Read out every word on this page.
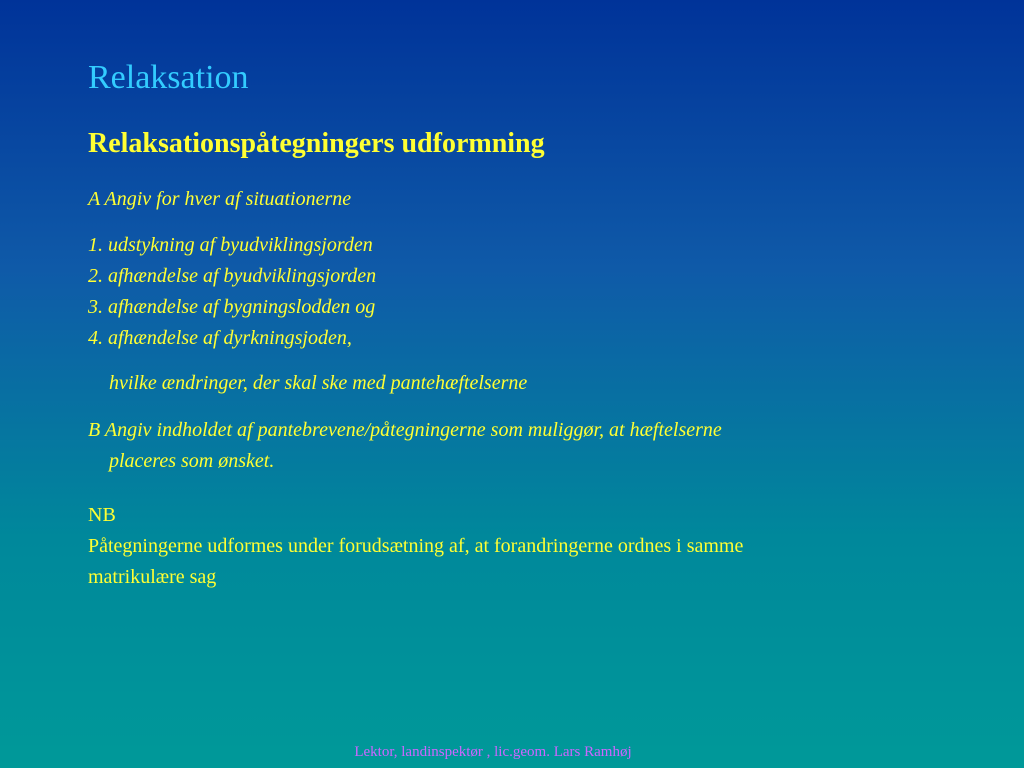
Relaksation
Relaksationspåtegningers udformning

A Angiv for hver af situationerne

1. udstykning af byudviklingsjorden
2. afhændelse af byudviklingsjorden
3. afhændelse af bygningslodden og
4. afhændelse af dyrkningsjoden,

hvilke ændringer, der skal ske med pantehæftelserne

B Angiv indholdet af pantebrevene/påtegningerne som muliggør, at hæftelserne
placeres som ønsket.

NB
Påtegningerne udformes under forudsætning af, at forandringerne ordnes i samme
matrikulære sag

Lektor, landinspektør , lic.geom. Lars Ramhøj
